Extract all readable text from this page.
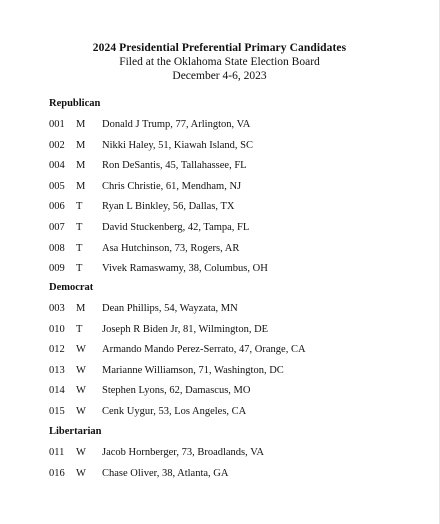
2024 Presidential Preferential Primary Candidates
Filed at the Oklahoma State Election Board
December 4-6, 2023
Republican
001	M	Donald J Trump, 77, Arlington, VA
002	M	Nikki Haley, 51, Kiawah Island, SC
004	M	Ron DeSantis, 45, Tallahassee, FL
005	M	Chris Christie, 61, Mendham, NJ
006	T	Ryan L Binkley, 56, Dallas, TX
007	T	David Stuckenberg, 42, Tampa, FL
008	T	Asa Hutchinson, 73, Rogers, AR
009	T	Vivek Ramaswamy, 38, Columbus, OH
Democrat
003	M	Dean Phillips, 54, Wayzata, MN
010	T	Joseph R Biden Jr, 81, Wilmington, DE
012	W	Armando Mando Perez-Serrato, 47, Orange, CA
013	W	Marianne Williamson, 71, Washington, DC
014	W	Stephen Lyons, 62, Damascus, MO
015	W	Cenk Uygur, 53, Los Angeles, CA
Libertarian
011	W	Jacob Hornberger, 73, Broadlands, VA
016	W	Chase Oliver, 38, Atlanta, GA
